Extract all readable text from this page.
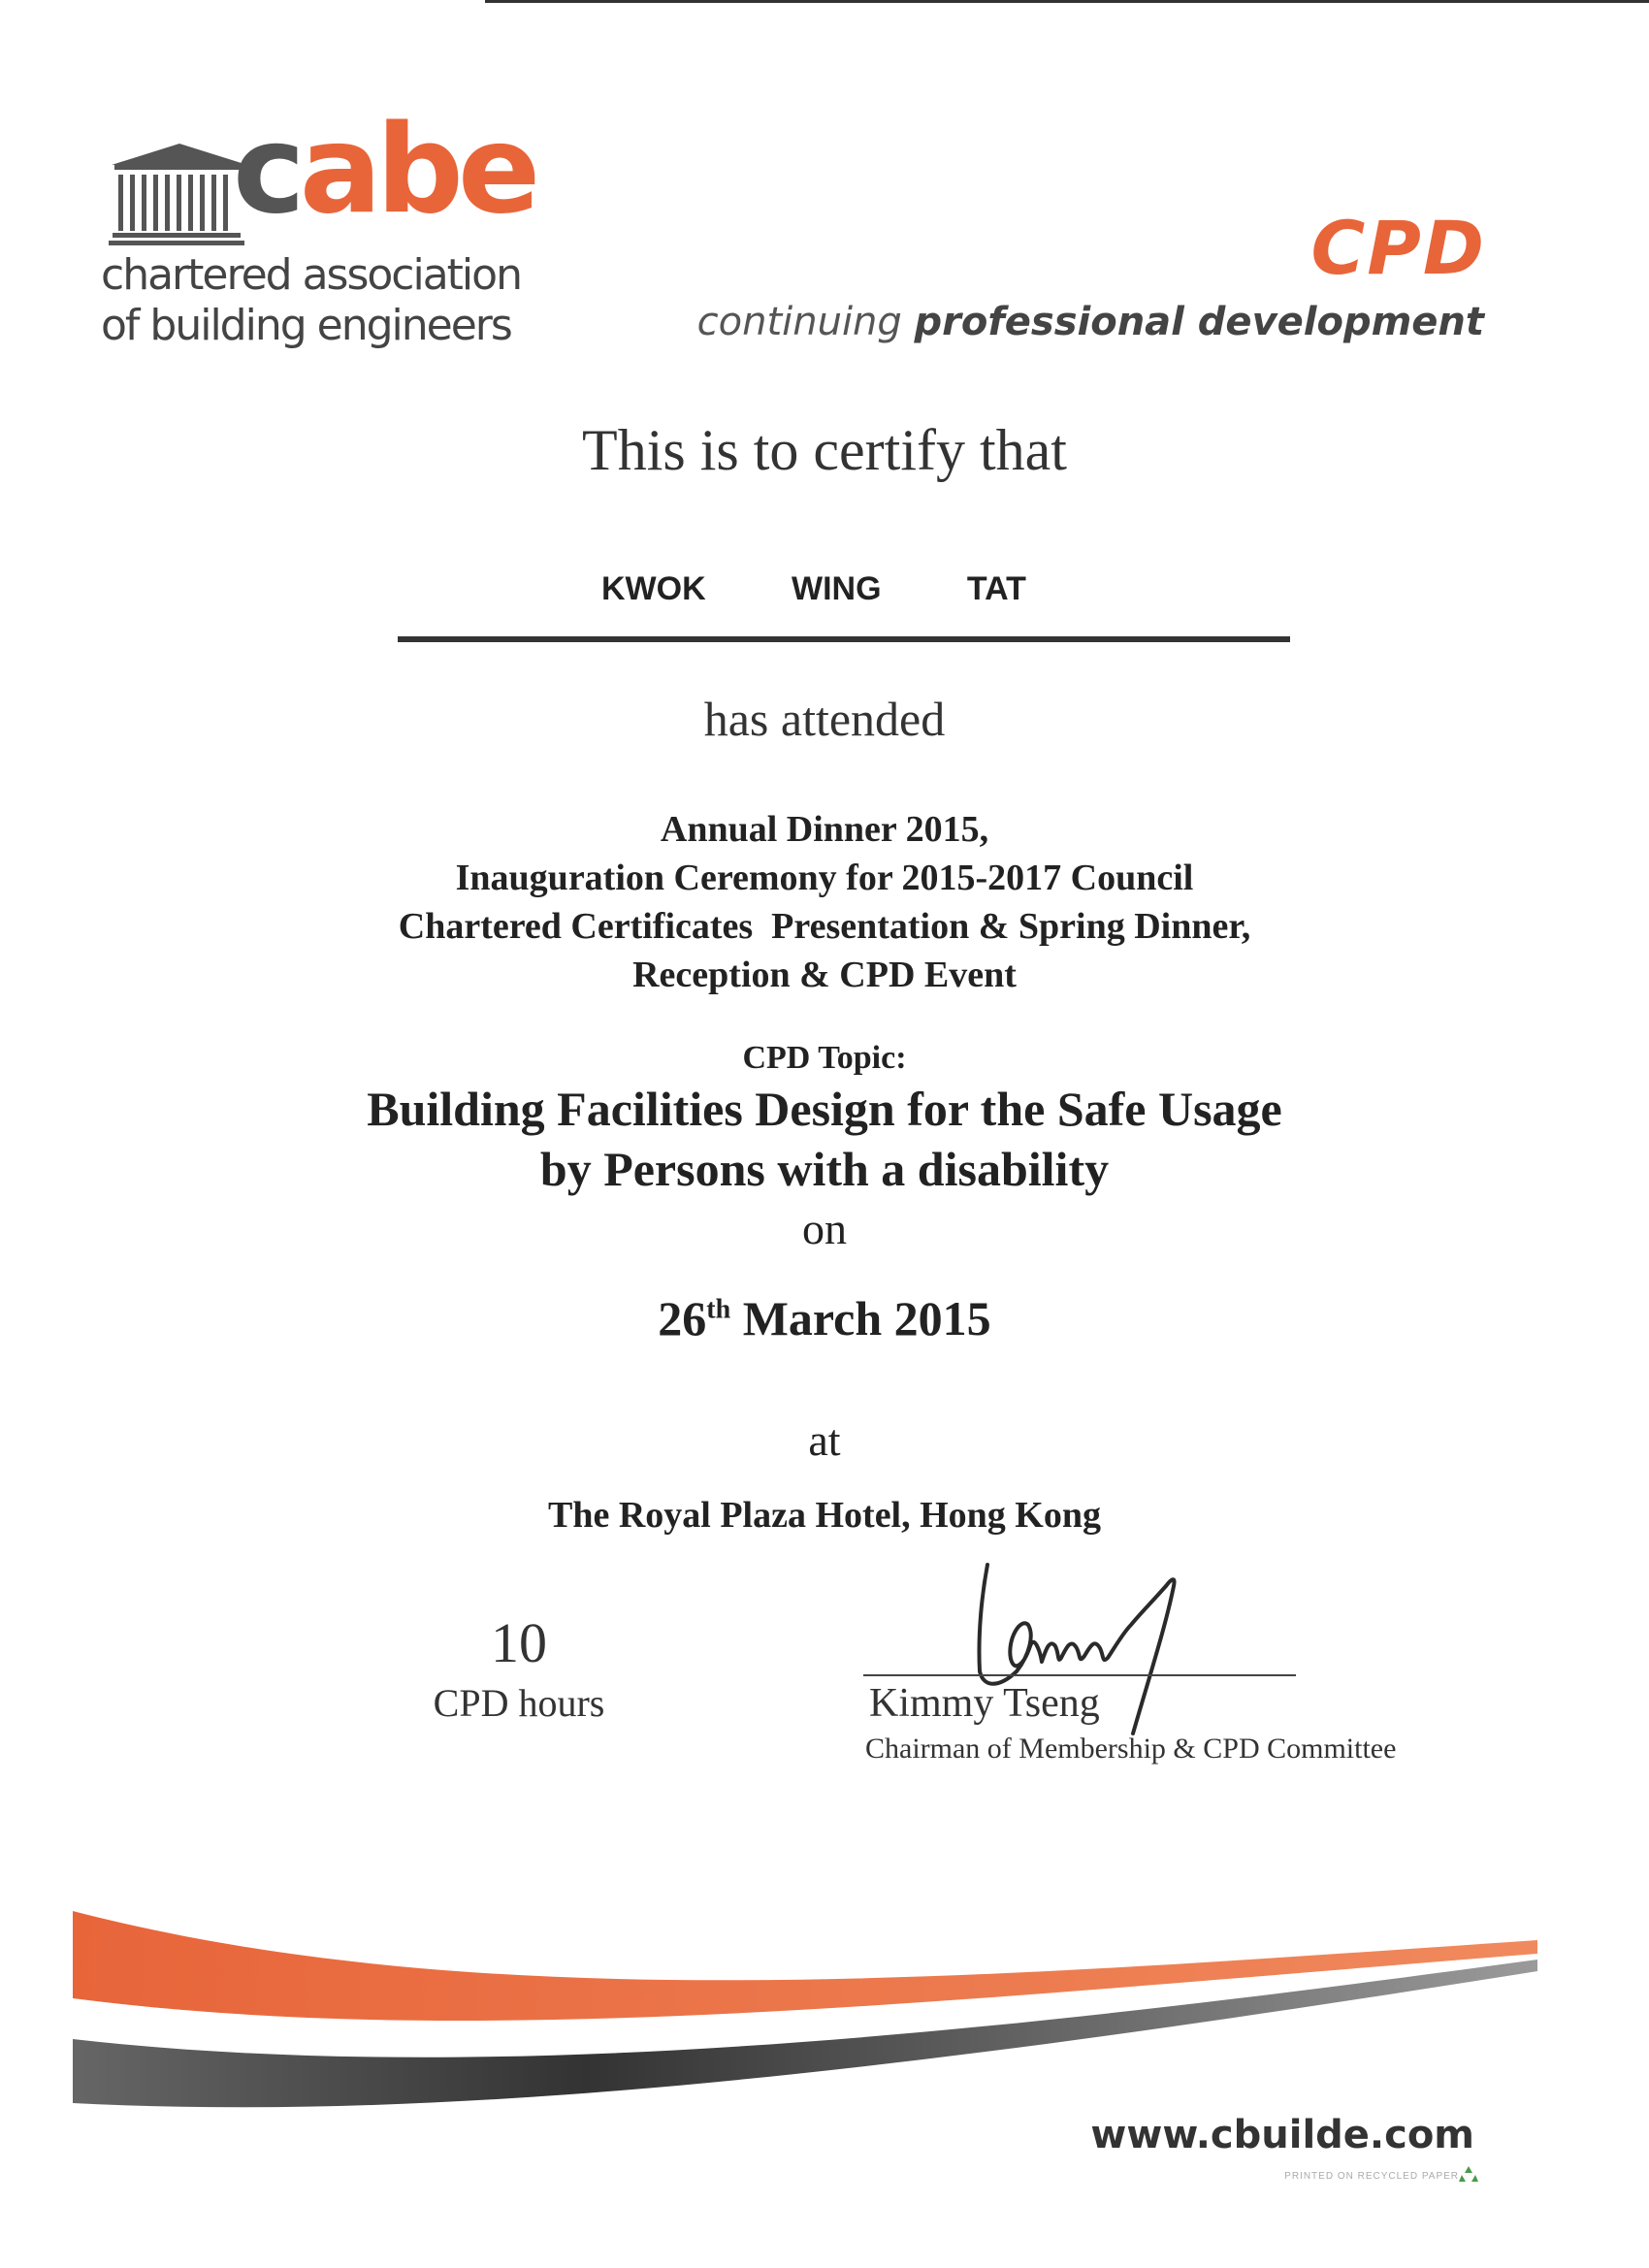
cabe
chartered association
of building engineers
CPD
continuing professional development
This is to certify that
KWOK   WING   TAT
has attended
Annual Dinner 2015,
Inauguration Ceremony for 2015-2017 Council
Chartered Certificates  Presentation & Spring Dinner,
Reception & CPD Event
CPD Topic:
Building Facilities Design for the Safe Usage
by Persons with a disability
on
26th March 2015
at
The Royal Plaza Hotel, Hong Kong
10
CPD hours	Kimmy Tseng
Chairman of Membership & CPD Committee
www.cbuilde.com
PRINTED ON RECYCLED PAPER
